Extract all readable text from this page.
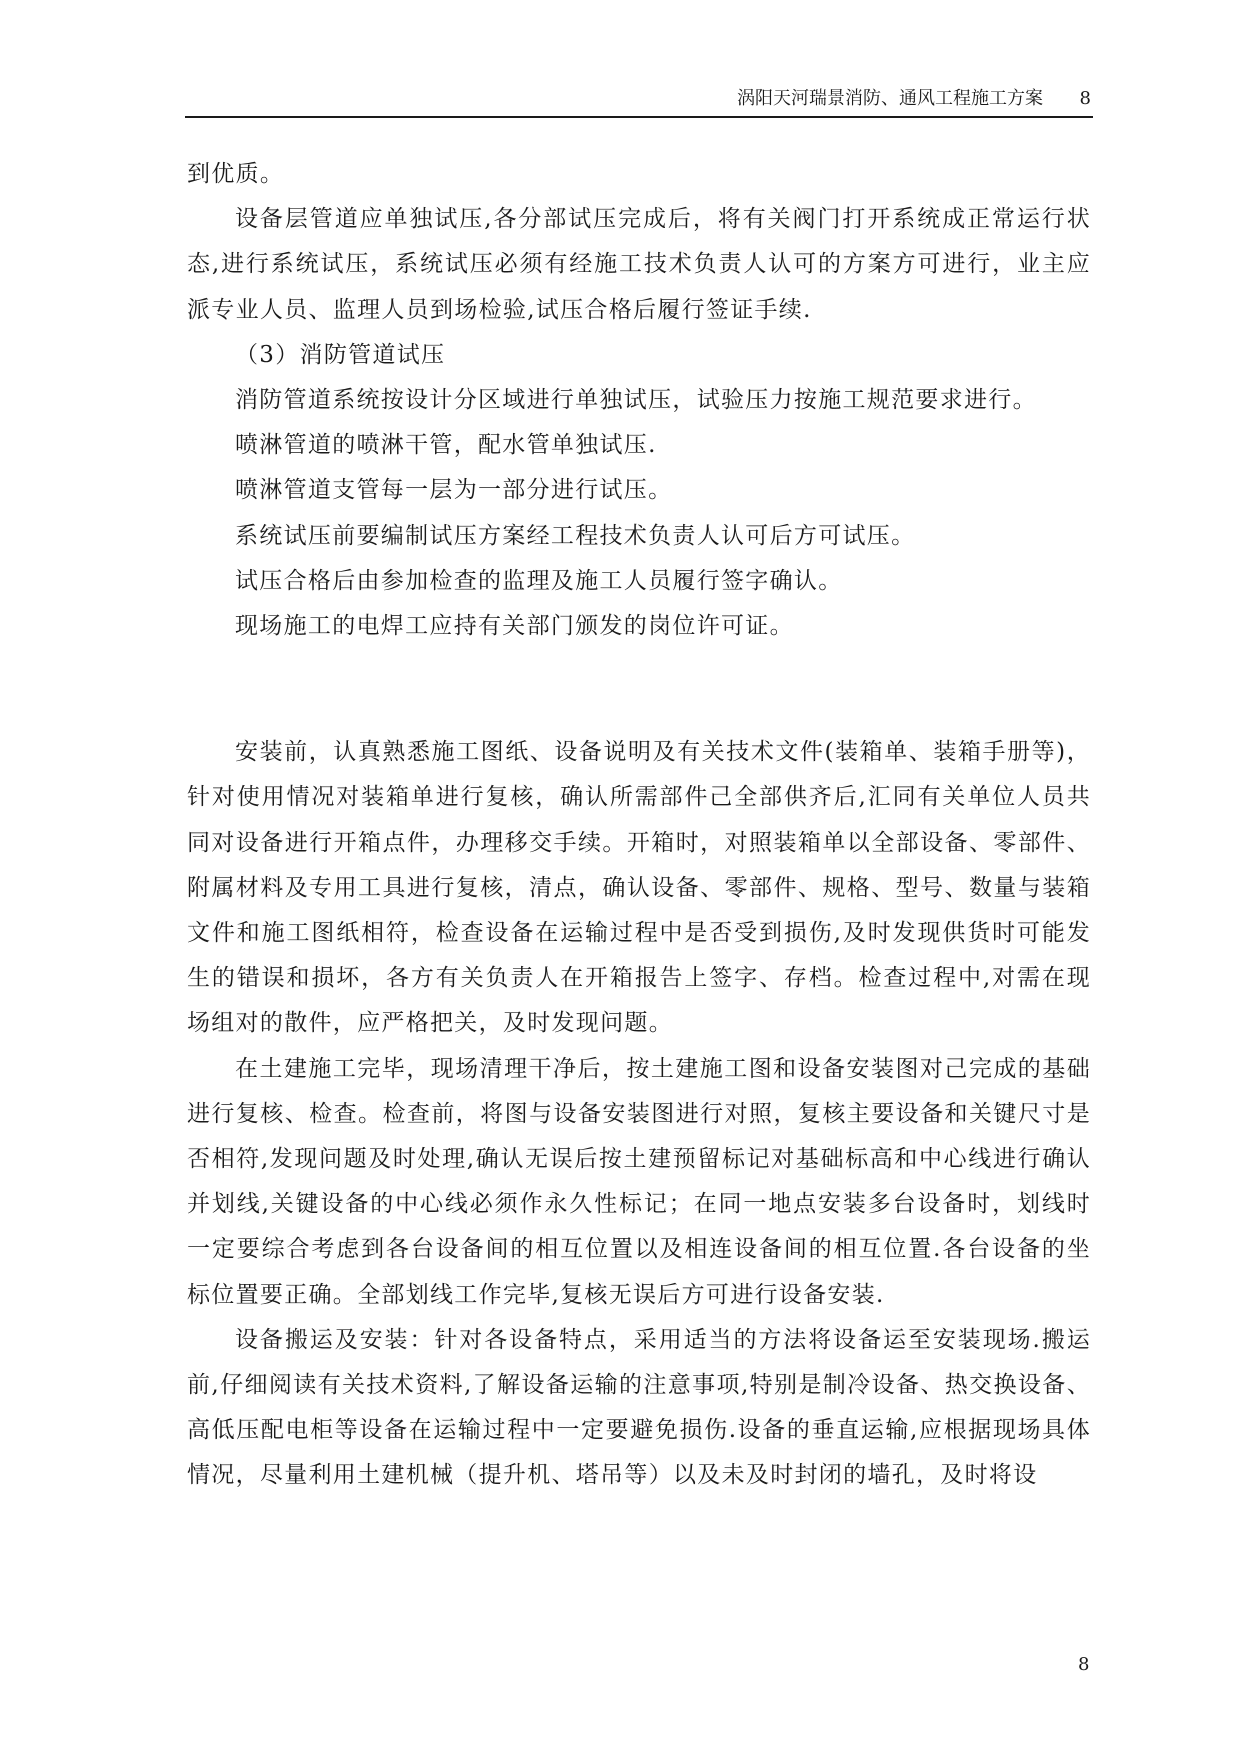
涡阳天河瑞景消防、通风工程施工方案 8

到优质。

设备层管道应单独试压,各分部试压完成后，将有关阀门打开系统成正常运行状态,进行系统试压，系统试压必须有经施工技术负责人认可的方案方可进行，业主应派专业人员、监理人员到场检验,试压合格后履行签证手续.

（3）消防管道试压

消防管道系统按设计分区域进行单独试压，试验压力按施工规范要求进行。

喷淋管道的喷淋干管，配水管单独试压.

喷淋管道支管每一层为一部分进行试压。

系统试压前要编制试压方案经工程技术负责人认可后方可试压。

试压合格后由参加检查的监理及施工人员履行签字确认。

现场施工的电焊工应持有关部门颁发的岗位许可证。

安装前，认真熟悉施工图纸、设备说明及有关技术文件(装箱单、装箱手册等)，针对使用情况对装箱单进行复核，确认所需部件己全部供齐后,汇同有关单位人员共同对设备进行开箱点件，办理移交手续。开箱时，对照装箱单以全部设备、零部件、附属材料及专用工具进行复核，清点，确认设备、零部件、规格、型号、数量与装箱文件和施工图纸相符，检查设备在运输过程中是否受到损伤,及时发现供货时可能发生的错误和损坏，各方有关负责人在开箱报告上签字、存档。检查过程中,对需在现场组对的散件，应严格把关，及时发现问题。

在土建施工完毕，现场清理干净后，按土建施工图和设备安装图对己完成的基础进行复核、检查。检查前，将图与设备安装图进行对照，复核主要设备和关键尺寸是否相符,发现问题及时处理,确认无误后按土建预留标记对基础标高和中心线进行确认并划线,关键设备的中心线必须作永久性标记；在同一地点安装多台设备时，划线时一定要综合考虑到各台设备间的相互位置以及相连设备间的相互位置.各台设备的坐标位置要正确。全部划线工作完毕,复核无误后方可进行设备安装.

设备搬运及安装：针对各设备特点，采用适当的方法将设备运至安装现场.搬运前,仔细阅读有关技术资料,了解设备运输的注意事项,特别是制冷设备、热交换设备、高低压配电柜等设备在运输过程中一定要避免损伤.设备的垂直运输,应根据现场具体情况，尽量利用土建机械（提升机、塔吊等）以及未及时封闭的墙孔，及时将设

8
